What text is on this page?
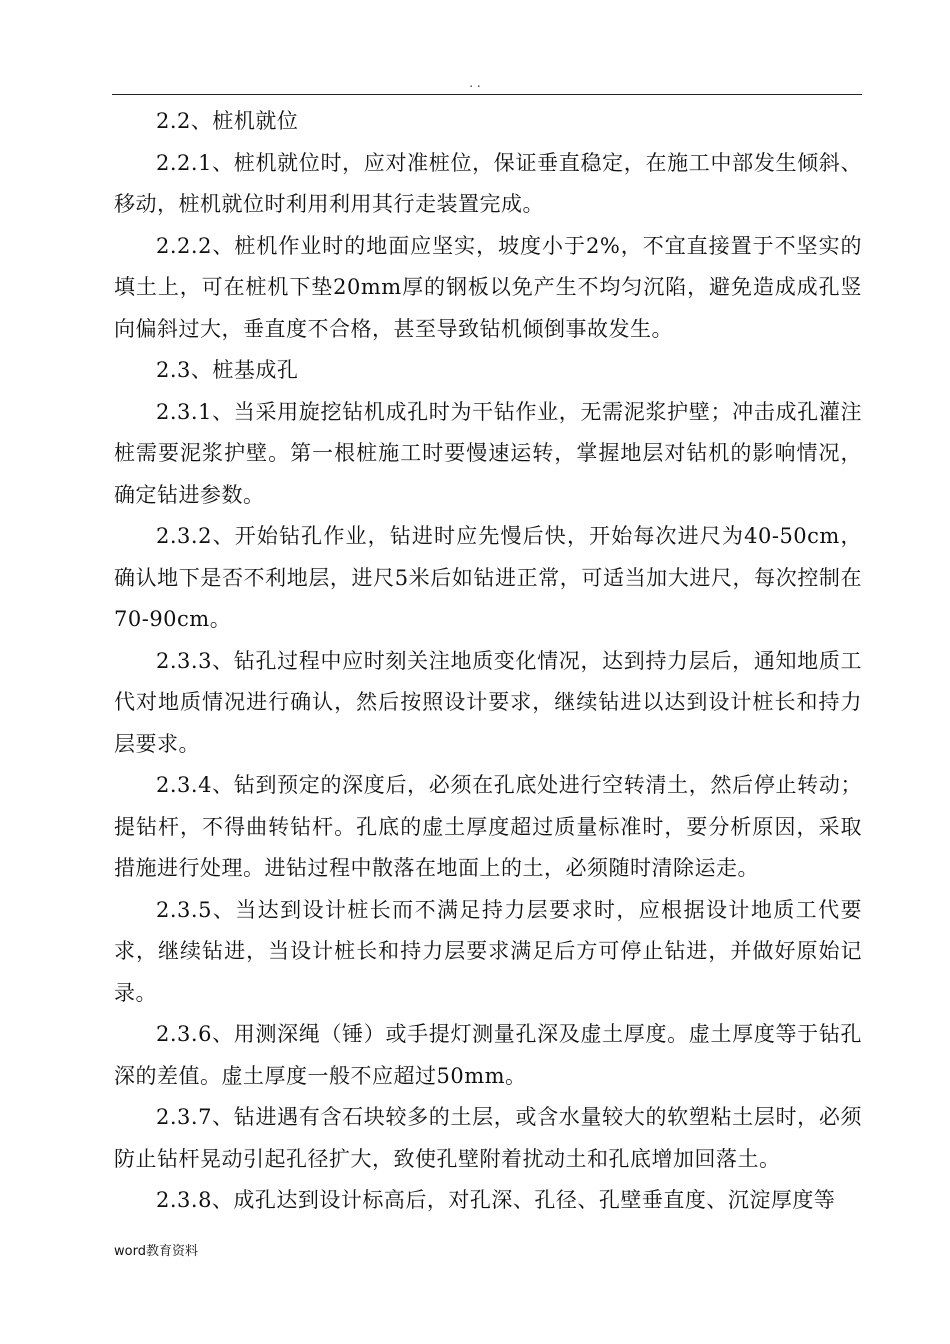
. .

2.2、桩机就位

2.2.1、桩机就位时，应对准桩位，保证垂直稳定，在施工中部发生倾斜、移动，桩机就位时利用利用其行走装置完成。

2.2.2、桩机作业时的地面应坚实，坡度小于2%，不宜直接置于不坚实的填土上，可在桩机下垫20mm厚的钢板以免产生不均匀沉陷，避免造成成孔竖向偏斜过大，垂直度不合格，甚至导致钻机倾倒事故发生。

2.3、桩基成孔

2.3.1、当采用旋挖钻机成孔时为干钻作业，无需泥浆护壁；冲击成孔灌注桩需要泥浆护壁。第一根桩施工时要慢速运转，掌握地层对钻机的影响情况，确定钻进参数。

2.3.2、开始钻孔作业，钻进时应先慢后快，开始每次进尺为40-50cm，确认地下是否不利地层，进尺5米后如钻进正常，可适当加大进尺，每次控制在70-90cm。

2.3.3、钻孔过程中应时刻关注地质变化情况，达到持力层后，通知地质工代对地质情况进行确认，然后按照设计要求，继续钻进以达到设计桩长和持力层要求。

2.3.4、钻到预定的深度后，必须在孔底处进行空转清土，然后停止转动；提钻杆，不得曲转钻杆。孔底的虚土厚度超过质量标准时，要分析原因，采取措施进行处理。进钻过程中散落在地面上的土，必须随时清除运走。

2.3.5、当达到设计桩长而不满足持力层要求时，应根据设计地质工代要求，继续钻进，当设计桩长和持力层要求满足后方可停止钻进，并做好原始记录。

2.3.6、用测深绳（锤）或手提灯测量孔深及虚土厚度。虚土厚度等于钻孔深的差值。虚土厚度一般不应超过50mm。

2.3.7、钻进遇有含石块较多的土层，或含水量较大的软塑粘土层时，必须防止钻杆晃动引起孔径扩大，致使孔壁附着扰动土和孔底增加回落土。

2.3.8、成孔达到设计标高后，对孔深、孔径、孔壁垂直度、沉淀厚度等

word教育资料
